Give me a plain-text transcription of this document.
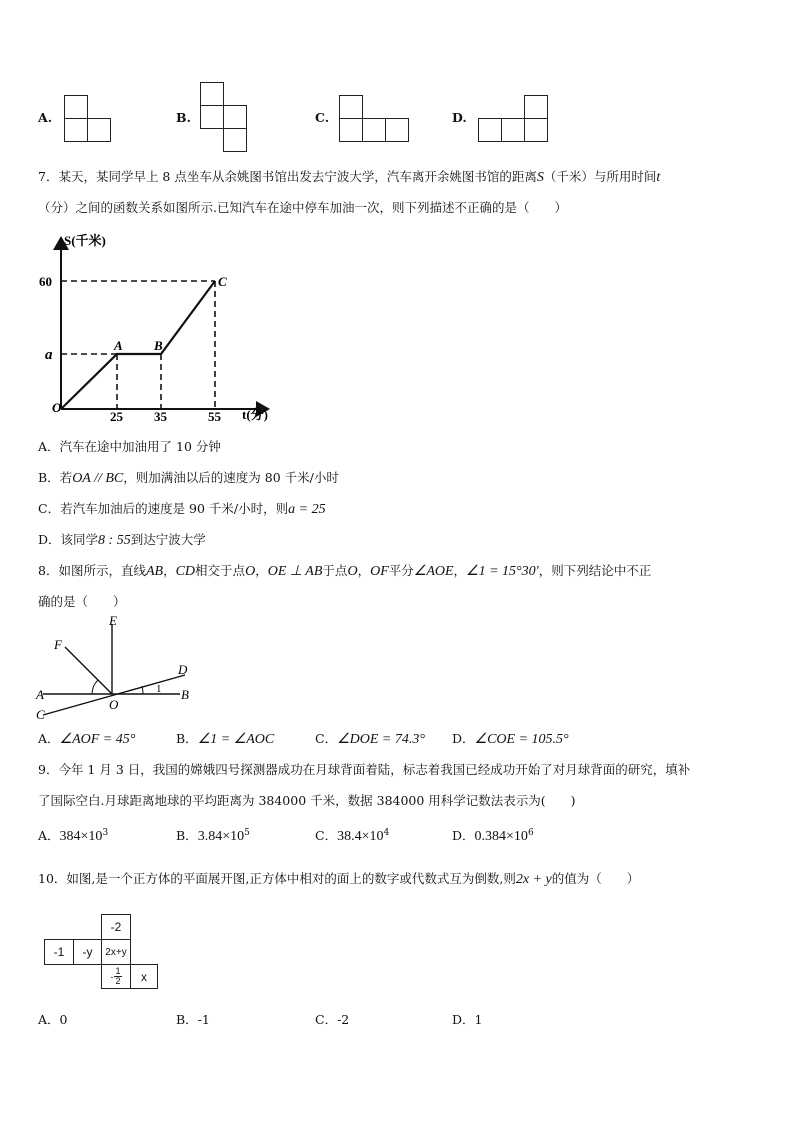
A.	B.	C.	D.
7．某天，某同学早上 8 点坐车从余姚图书馆出发去宁波大学，汽车离开余姚图书馆的距离S（千米）与所用时间t
（分）之间的函数关系如图所示.已知汽车在途中停车加油一次，则下列描述不正确的是（　　）
S(千米)
60
a
O
25 35	55 t(分)
A B
C
A．汽车在途中加油用了 10 分钟
B．若OA // BC，则加满油以后的速度为 80 千米/小时
C．若汽车加油后的速度是 90 千米/小时，则a = 25
D．该同学8 : 55到达宁波大学
8．如图所示，直线AB，CD相交于点O，OE ⊥ AB于点O，OF平分∠AOE，∠1 = 15°30′，则下列结论中不正
确的是（　　）
E
F
D
A	B
C
O
1
A．∠AOF = 45°	B．∠1 = ∠AOC	C．∠DOE = 74.3° D．∠COE = 105.5°
9．今年 1 月 3 日，我国的嫦娥四号探测器成功在月球背面着陆，标志着我国已经成功开始了对月球背面的研究，填补
了国际空白.月球距离地球的平均距离为 384000 千米，数据 384000 用科学记数法表示为(　　)
A．$384\times 10^3$	B．$3.84\times 10^5$	C．$38.4\times 10^4$	D．$0.384\times 10^6$
10．如图,是一个正方体的平面展开图,正方体中相对的面上的数字或代数式互为倒数,则2x + y的值为（　　）
-2
-1	-y	2x+y
- $\frac{1}{2}$	x
A．0	B．-1	C．-2	D．1
